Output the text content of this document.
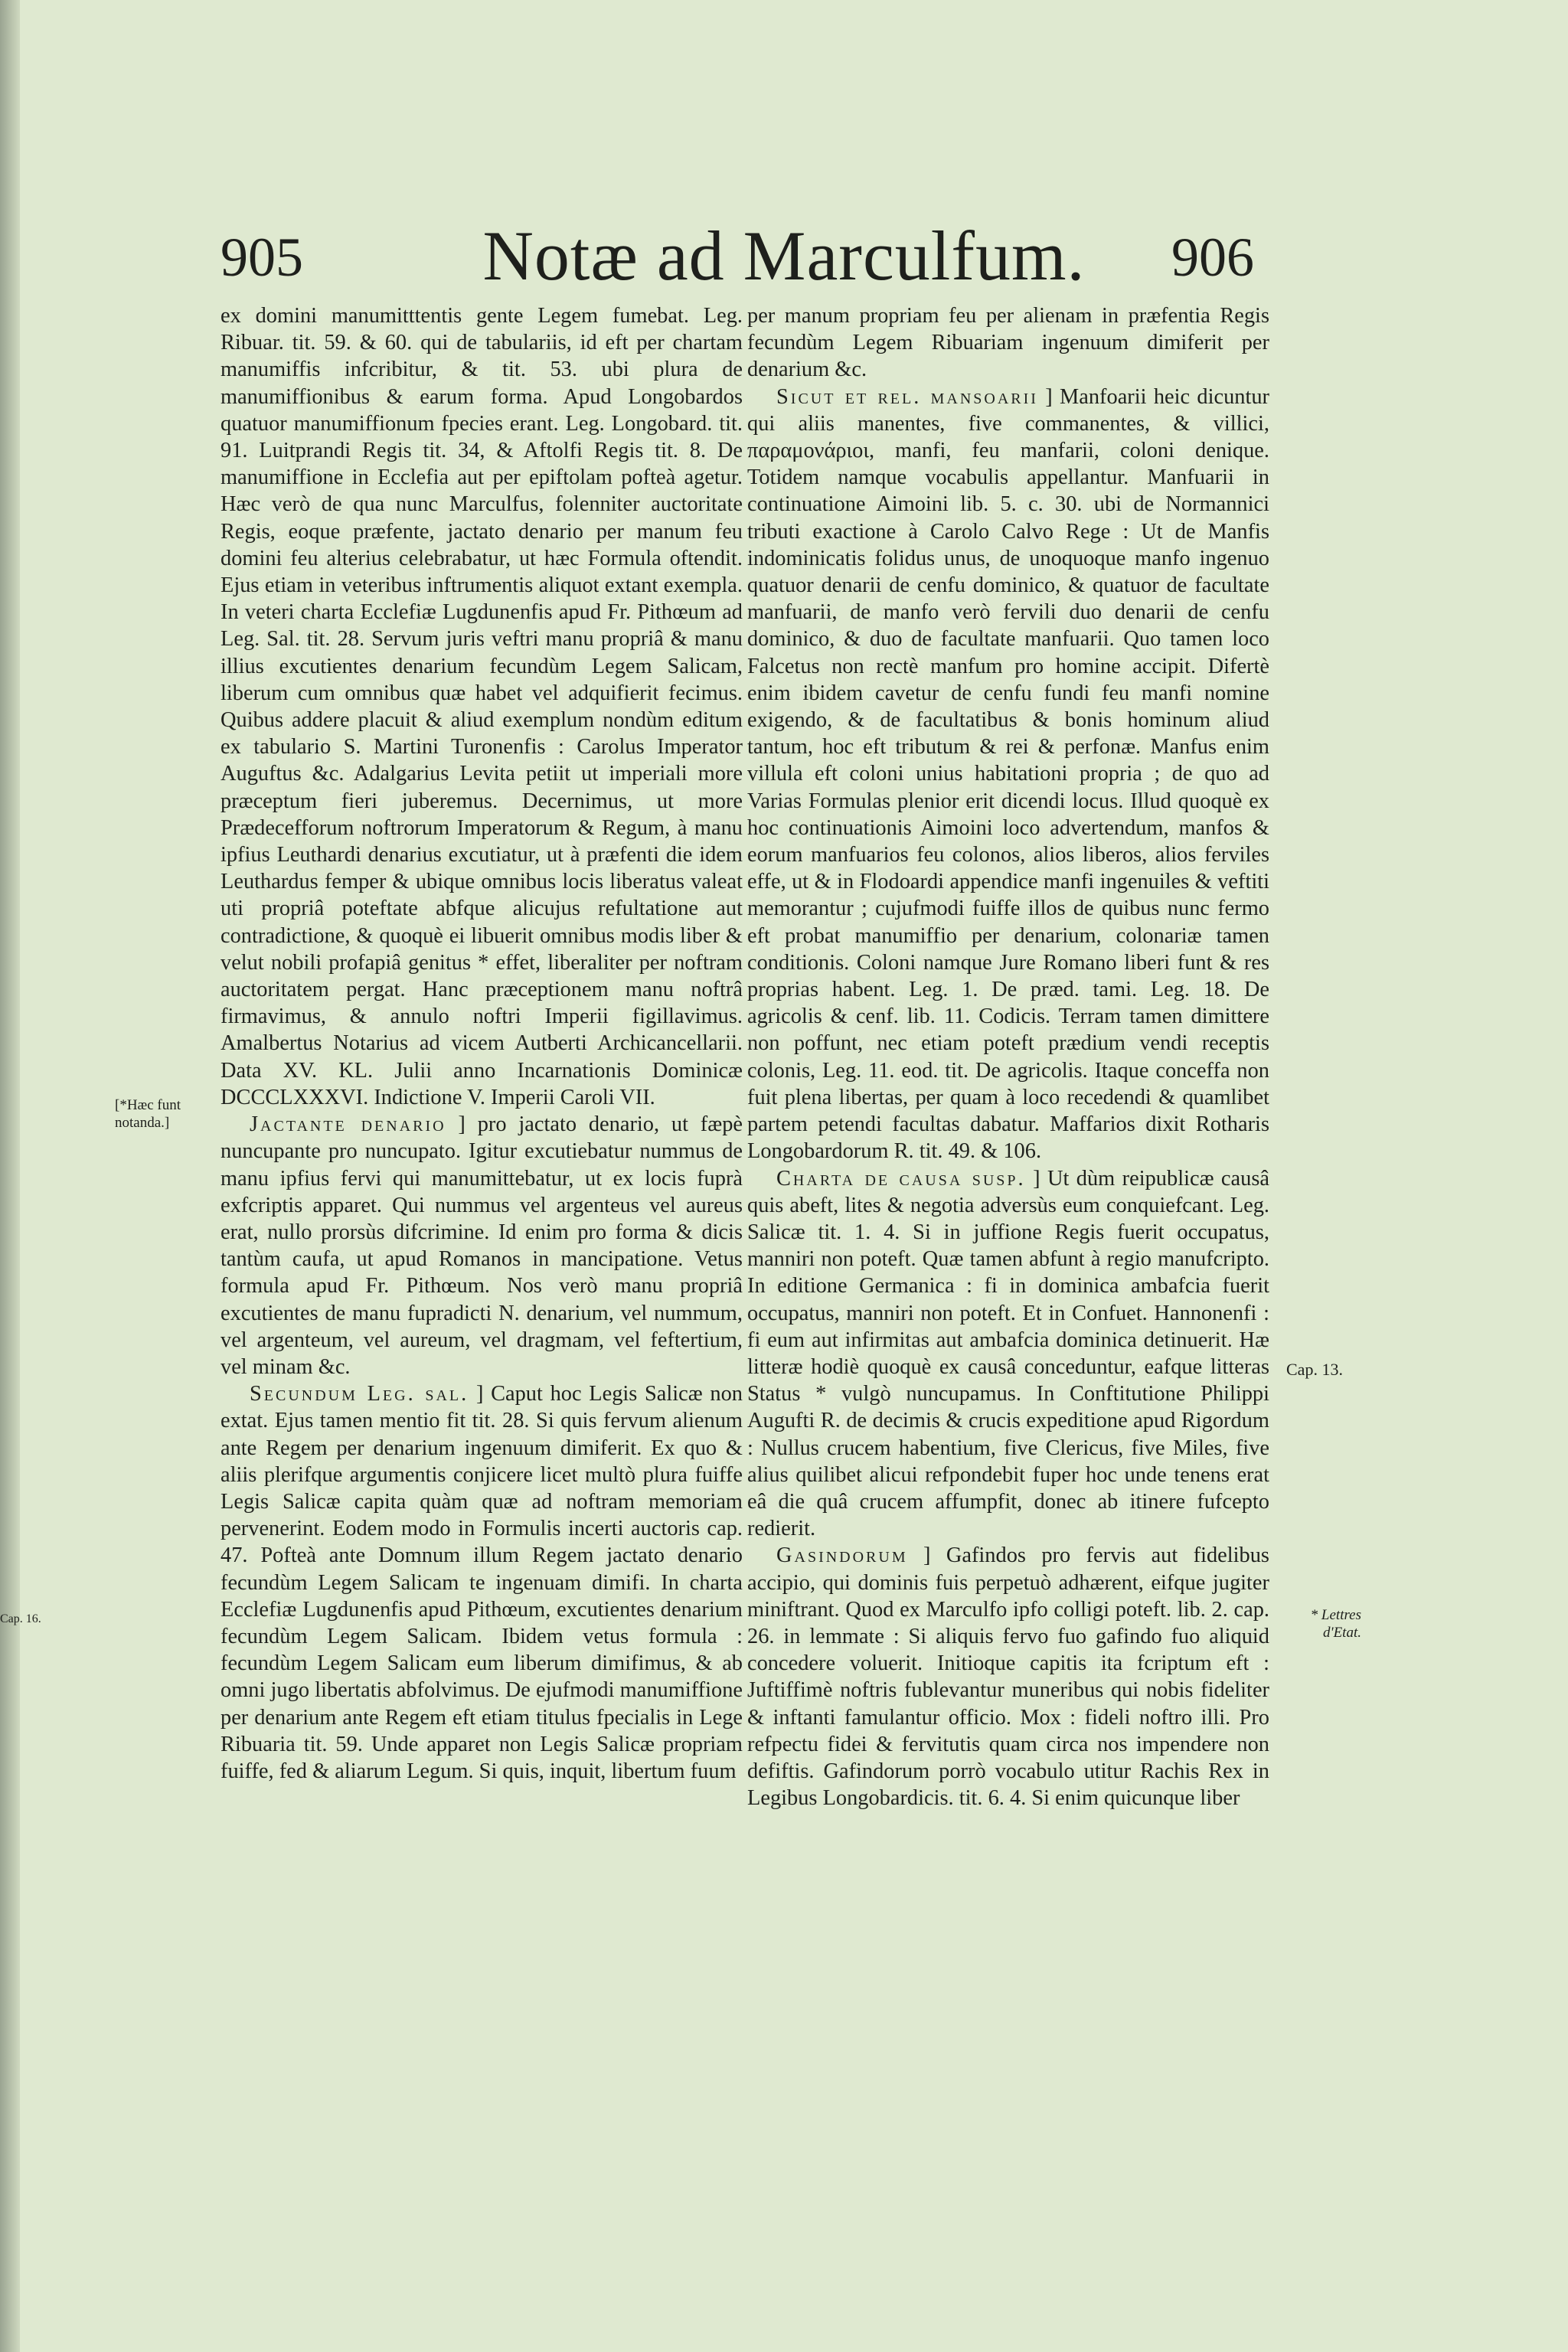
905	Notæ ad Marculfum.	906

ex domini manumitttentis gente Legem fumebat. Leg. Ribuar. tit. 59. & 60. qui de tabulariis, id eft per chartam manumiffis infcribitur, & tit. 53. ubi plura de manumiffionibus & earum forma. Apud Longobardos quatuor manumiffionum fpecies erant. Leg. Longobard. tit. 91. Luitprandi Regis tit. 34, & Aftolfi Regis tit. 8. De manumiffione in Ecclefia aut per epiftolam pofteà agetur. Hæc verò de qua nunc Marculfus, folenniter auctoritate Regis, eoque præfente, jactato denario per manum feu domini feu alterius celebrabatur, ut hæc Formula oftendit. Ejus etiam in veteribus inftrumentis aliquot extant exempla. In veteri charta Ecclefiæ Lugdunenfis apud Fr. Pithœum ad Leg. Sal. tit. 28. Servum juris veftri manu propriâ & manu illius excutientes denarium fecundùm Legem Salicam, liberum cum omnibus quæ habet vel adquifierit fecimus. Quibus addere placuit & aliud exemplum nondùm editum ex tabulario S. Martini Turonenfis : Carolus Imperator Auguftus &c. Adalgarius Levita petiit ut imperiali more præceptum fieri juberemus. Decernimus, ut more Prædecefforum noftrorum Imperatorum & Regum, à manu ipfius Leuthardi denarius excutiatur, ut à præfenti die idem Leuthardus femper & ubique omnibus locis liberatus valeat uti propriâ poteftate abfque alicujus refultatione aut contradictione, & quoquè ei libuerit omnibus modis liber & velut nobili profapiâ genitus * effet, liberaliter per noftram auctoritatem pergat. Hanc præceptionem manu noftrâ firmavimus, & annulo noftri Imperii figillavimus. Amalbertus Notarius ad vicem Autberti Archicancellarii. Data XV. KL. Julii anno Incarnationis Dominicæ DCCCLXXXVI. Indictione V. Imperii Caroli VII.

Jactante denario ] pro jactato denario, ut fæpè nuncupante pro nuncupato. Igitur excutiebatur nummus de manu ipfius fervi qui manumittebatur, ut ex locis fuprà exfcriptis apparet. Qui nummus vel argenteus vel aureus erat, nullo prorsùs difcrimine. Id enim pro forma & dicis tantùm caufa, ut apud Romanos in mancipatione. Vetus formula apud Fr. Pithœum. Nos verò manu propriâ excutientes de manu fupradicti N. denarium, vel nummum, vel argenteum, vel aureum, vel dragmam, vel feftertium, vel minam &c.

Secundum Leg. sal. ] Caput hoc Legis Salicæ non extat. Ejus tamen mentio fit tit. 28. Si quis fervum alienum ante Regem per denarium ingenuum dimiferit. Ex quo & aliis plerifque argumentis conjicere licet multò plura fuiffe Legis Salicæ capita quàm quæ ad noftram memoriam pervenerint. Eodem modo in Formulis incerti auctoris cap. 47. Pofteà ante Domnum illum Regem jactato denario fecundùm Legem Salicam te ingenuam dimifi. In charta Ecclefiæ Lugdunenfis apud Pithœum, excutientes denarium fecundùm Legem Salicam. Ibidem vetus formula : fecundùm Legem Salicam eum liberum dimifimus, & ab omni jugo libertatis abfolvimus. De ejufmodi manumiffione per denarium ante Regem eft etiam titulus fpecialis in Lege Ribuaria tit. 59. Unde apparet non Legis Salicæ propriam fuiffe, fed & aliarum Legum. Si quis, inquit, libertum fuum

per manum propriam feu per alienam in præfentia Regis fecundùm Legem Ribuariam ingenuum dimiferit per denarium &c.

Sicut et rel. mansoarii ] Manfoarii heic dicuntur qui aliis manentes, five commanentes, & villici, παραμονάριοι, manfi, feu manfarii, coloni denique. Totidem namque vocabulis appellantur. Manfuarii in continuatione Aimoini lib. 5. c. 30. ubi de Normannici tributi exactione à Carolo Calvo Rege : Ut de Manfis indominicatis folidus unus, de unoquoque manfo ingenuo quatuor denarii de cenfu dominico, & quatuor de facultate manfuarii, de manfo verò fervili duo denarii de cenfu dominico, & duo de facultate manfuarii. Quo tamen loco Falcetus non rectè manfum pro homine accipit. Difertè enim ibidem cavetur de cenfu fundi feu manfi nomine exigendo, & de facultatibus & bonis hominum aliud tantum, hoc eft tributum & rei & perfonæ. Manfus enim villula eft coloni unius habitationi propria ; de quo ad Varias Formulas plenior erit dicendi locus. Illud quoquè ex hoc continuationis Aimoini loco advertendum, manfos & eorum manfuarios feu colonos, alios liberos, alios ferviles effe, ut & in Flodoardi appendice manfi ingenuiles & veftiti memorantur ; cujufmodi fuiffe illos de quibus nunc fermo eft probat manumiffio per denarium, colonariæ tamen conditionis. Coloni namque Jure Romano liberi funt & res proprias habent. Leg. 1. De præd. tami. Leg. 18. De agricolis & cenf. lib. 11. Codicis. Terram tamen dimittere non poffunt, nec etiam poteft prædium vendi receptis colonis, Leg. 11. eod. tit. De agricolis. Itaque conceffa non fuit plena libertas, per quam à loco recedendi & quamlibet partem petendi facultas dabatur. Maffarios dixit Rotharis Longobardorum R. tit. 49. & 106.

Charta de causa susp. ] Ut dùm reipublicæ causâ quis abeft, lites & negotia adversùs eum conquiefcant. Leg. Salicæ tit. 1. 4. Si in juffione Regis fuerit occupatus, manniri non poteft. Quæ tamen abfunt à regio manufcripto. In editione Germanica : fi in dominica ambafcia fuerit occupatus, manniri non poteft. Et in Confuet. Hannonenfi : fi eum aut infirmitas aut ambafcia dominica detinuerit. Hæ litteræ hodiè quoquè ex causâ conceduntur, eafque litteras Status * vulgò nuncupamus. In Conftitutione Philippi Augufti R. de decimis & crucis expeditione apud Rigordum : Nullus crucem habentium, five Clericus, five Miles, five alius quilibet alicui refpondebit fuper hoc unde tenens erat eâ die quâ crucem affumpfit, donec ab itinere fufcepto redierit.

Gasindorum ] Gafindos pro fervis aut fidelibus accipio, qui dominis fuis perpetuò adhærent, eifque jugiter miniftrant. Quod ex Marculfo ipfo colligi poteft. lib. 2. cap. 26. in lemmate : Si aliquis fervo fuo gafindo fuo aliquid concedere voluerit. Initioque capitis ita fcriptum eft : Juftiffimè noftris fublevantur muneribus qui nobis fideliter & inftanti famulantur officio. Mox : fideli noftro illi. Pro refpectu fidei & fervitutis quam circa nos impendere non defiftis. Gafindorum porrò vocabulo utitur Rachis Rex in Legibus Longobardicis. tit. 6. 4. Si enim quicunque liber

[*Hæc funt notanda.]
Cap. 16.
Cap. 13.
* Lettres d'Etat.
